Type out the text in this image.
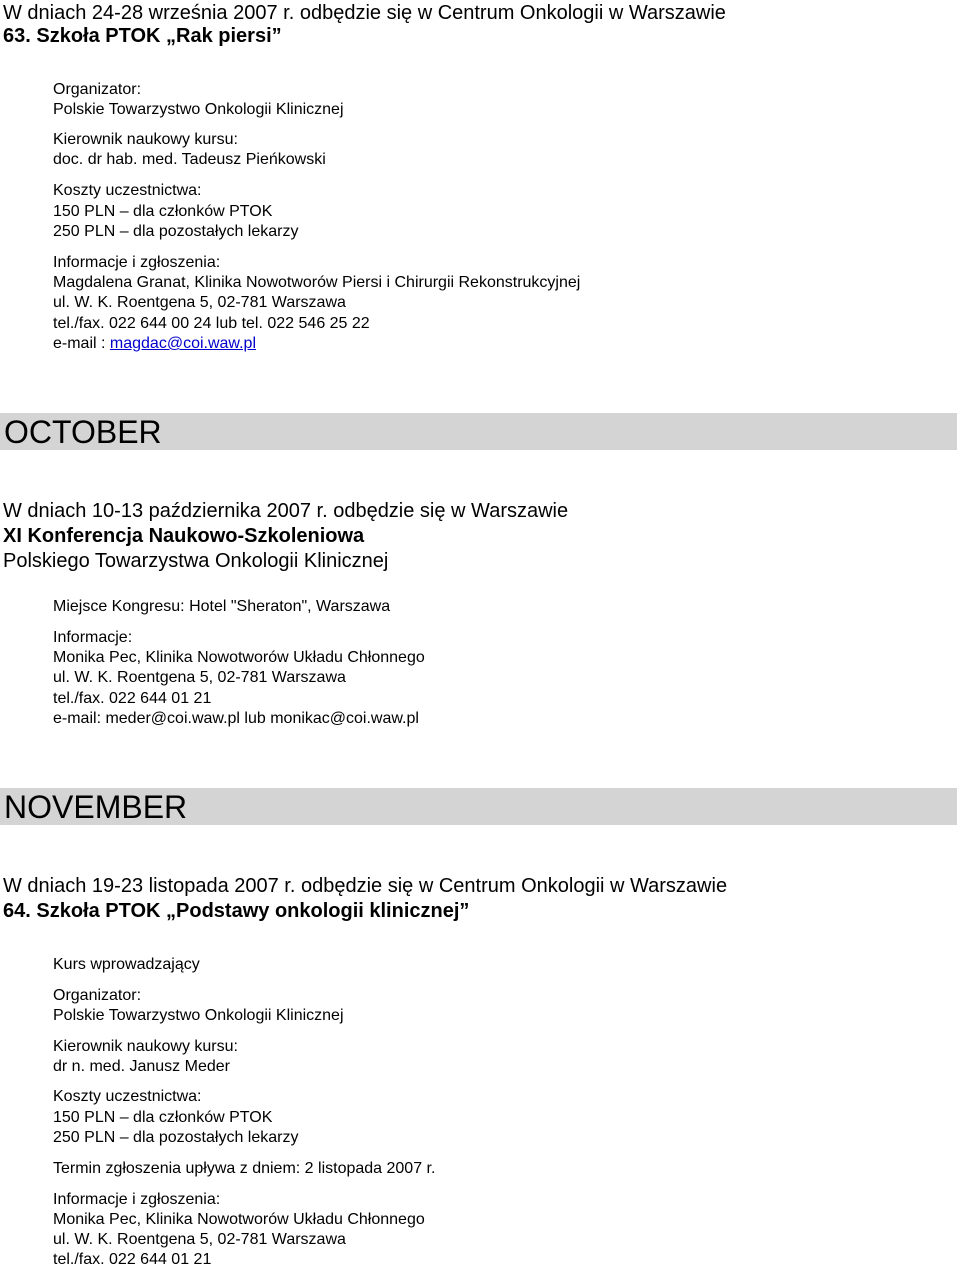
W dniach 24-28 września 2007 r. odbędzie się w Centrum Onkologii w Warszawie

63. Szkoła PTOK „Rak piersi”

Organizator:

Polskie Towarzystwo Onkologii Klinicznej

Kierownik naukowy kursu:

doc. dr hab. med. Tadeusz Pieńkowski

Koszty uczestnictwa:

150 PLN – dla członków PTOK

250 PLN – dla pozostałych lekarzy

Informacje i zgłoszenia:

Magdalena Granat, Klinika Nowotworów Piersi i Chirurgii Rekonstrukcyjnej

ul. W. K. Roentgena 5, 02-781 Warszawa

tel./fax. 022 644 00 24 lub tel. 022 546 25 22

e-mail : magdac@coi.waw.pl

OCTOBER

W dniach 10-13 października 2007 r. odbędzie się w Warszawie

XI Konferencja Naukowo-Szkoleniowa

Polskiego Towarzystwa Onkologii Klinicznej

Miejsce Kongresu: Hotel "Sheraton", Warszawa

Informacje:

Monika Pec, Klinika Nowotworów Układu Chłonnego

ul. W. K. Roentgena 5, 02-781 Warszawa

tel./fax. 022 644 01 21

e-mail: meder@coi.waw.pl lub monikac@coi.waw.pl

NOVEMBER

W dniach 19-23 listopada 2007 r. odbędzie się w Centrum Onkologii w Warszawie

64. Szkoła PTOK „Podstawy onkologii klinicznej”

Kurs wprowadzający

Organizator:

Polskie Towarzystwo Onkologii Klinicznej

Kierownik naukowy kursu:

dr n. med. Janusz Meder

Koszty uczestnictwa:

150 PLN – dla członków PTOK

250 PLN – dla pozostałych lekarzy

Termin zgłoszenia upływa z dniem: 2 listopada 2007 r.

Informacje i zgłoszenia:

Monika Pec, Klinika Nowotworów Układu Chłonnego

ul. W. K. Roentgena 5, 02-781 Warszawa

tel./fax. 022 644 01 21
